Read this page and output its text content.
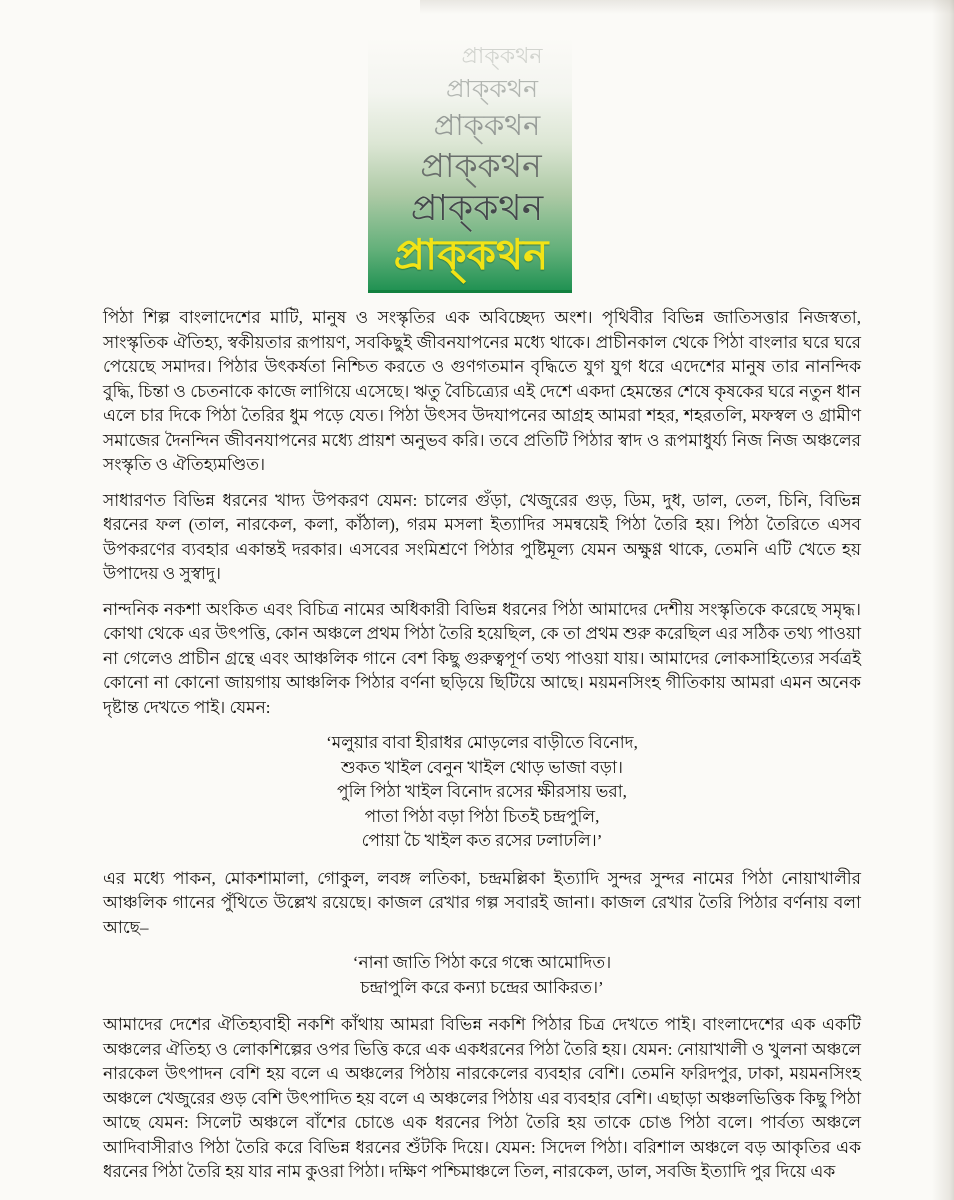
প্রাক্‌কথন
প্রাক্‌কথন
প্রাক্‌কথন
প্রাক্‌কথন
প্রাক্‌কথন
প্রাক্‌কথন

পিঠা শিল্প বাংলাদেশের মাটি, মানুষ ও সংস্কৃতির এক অবিচ্ছেদ্য অংশ। পৃথিবীর বিভিন্ন জাতিসত্তার নিজস্বতা, সাংস্কৃতিক ঐতিহ্য, স্বকীয়তার রূপায়ণ, সবকিছুই জীবনযাপনের মধ্যে থাকে। প্রাচীনকাল থেকে পিঠা বাংলার ঘরে ঘরে পেয়েছে সমাদর। পিঠার উৎকর্ষতা নিশ্চিত করতে ও গুণগতমান বৃদ্ধিতে যুগ যুগ ধরে এদেশের মানুষ তার নানন্দিক বুদ্ধি, চিন্তা ও চেতনাকে কাজে লাগিয়ে এসেছে। ঋতু বৈচিত্র্যের এই দেশে একদা হেমন্তের শেষে কৃষকের ঘরে নতুন ধান এলে চার দিকে পিঠা তৈরির ধুম পড়ে যেত। পিঠা উৎসব উদযাপনের আগ্রহ আমরা শহর, শহরতলি, মফস্বল ও গ্রামীণ সমাজের দৈনন্দিন জীবনযাপনের মধ্যে প্রায়শ অনুভব করি। তবে প্রতিটি পিঠার স্বাদ ও রূপমাধুর্য্য নিজ নিজ অঞ্চলের সংস্কৃতি ও ঐতিহ্যমণ্ডিত।

সাধারণত বিভিন্ন ধরনের খাদ্য উপকরণ যেমন: চালের গুঁড়া, খেজুরের গুড়, ডিম, দুধ, ডাল, তেল, চিনি, বিভিন্ন ধরনের ফল (তাল, নারকেল, কলা, কাঁঠাল), গরম মসলা ইত্যাদির সমন্বয়েই পিঠা তৈরি হয়। পিঠা তৈরিতে এসব উপকরণের ব্যবহার একান্তই দরকার। এসবের সংমিশ্রণে পিঠার পুষ্টিমূল্য যেমন অক্ষুণ্ণ থাকে, তেমনি এটি খেতে হয় উপাদেয় ও সুস্বাদু।

নান্দনিক নকশা অংকিত এবং বিচিত্র নামের অধিকারী বিভিন্ন ধরনের পিঠা আমাদের দেশীয় সংস্কৃতিকে করেছে সমৃদ্ধ। কোথা থেকে এর উৎপত্তি, কোন অঞ্চলে প্রথম পিঠা তৈরি হয়েছিল, কে তা প্রথম শুরু করেছিল এর সঠিক তথ্য পাওয়া না গেলেও প্রাচীন গ্রন্থে এবং আঞ্চলিক গানে বেশ কিছু গুরুত্বপূর্ণ তথ্য পাওয়া যায়। আমাদের লোকসাহিত্যের সর্বত্রই কোনো না কোনো জায়গায় আঞ্চলিক পিঠার বর্ণনা ছড়িয়ে ছিটিয়ে আছে। ময়মনসিংহ গীতিকায় আমরা এমন অনেক দৃষ্টান্ত দেখতে পাই। যেমন:

‘মলুয়ার বাবা হীরাধর মোড়লের বাড়ীতে বিনোদ,
শুকত খাইল বেনুন খাইল থোড় ভাজা বড়া।
পুলি পিঠা খাইল বিনোদ রসের ক্ষীরসায় ভরা,
পাতা পিঠা বড়া পিঠা চিতই চন্দ্রপুলি,
পোয়া চৈ খাইল কত রসের ঢলাঢলি।’

এর মধ্যে পাকন, মোকশামালা, গোকুল, লবঙ্গ লতিকা, চন্দ্রমল্লিকা ইত্যাদি সুন্দর সুন্দর নামের পিঠা নোয়াখালীর আঞ্চলিক গানের পুঁথিতে উল্লেখ রয়েছে। কাজল রেখার গল্প সবারই জানা। কাজল রেখার তৈরি পিঠার বর্ণনায় বলা আছে–

‘নানা জাতি পিঠা করে গন্ধে আমোদিত।
চন্দ্রাপুলি করে কন্যা চন্দ্রের আকিরত।’

আমাদের দেশের ঐতিহ্যবাহী নকশি কাঁথায় আমরা বিভিন্ন নকশি পিঠার চিত্র দেখতে পাই। বাংলাদেশের এক একটি অঞ্চলের ঐতিহ্য ও লোকশিল্পের ওপর ভিত্তি করে এক একধরনের পিঠা তৈরি হয়। যেমন: নোয়াখালী ও খুলনা অঞ্চলে নারকেল উৎপাদন বেশি হয় বলে এ অঞ্চলের পিঠায় নারকেলের ব্যবহার বেশি। তেমনি ফরিদপুর, ঢাকা, ময়মনসিংহ অঞ্চলে খেজুরের গুড় বেশি উৎপাদিত হয় বলে এ অঞ্চলের পিঠায় এর ব্যবহার বেশি। এছাড়া অঞ্চলভিত্তিক কিছু পিঠা আছে যেমন: সিলেট অঞ্চলে বাঁশের চোঙে এক ধরনের পিঠা তৈরি হয় তাকে চোঙ পিঠা বলে। পার্বত্য অঞ্চলে আদিবাসীরাও পিঠা তৈরি করে বিভিন্ন ধরনের শুঁটকি দিয়ে। যেমন: সিদেল পিঠা। বরিশাল অঞ্চলে বড় আকৃতির এক ধরনের পিঠা তৈরি হয় যার নাম কুওরা পিঠা। দক্ষিণ পশ্চিমাঞ্চলে তিল, নারকেল, ডাল, সবজি ইত্যাদি পুর দিয়ে এক
